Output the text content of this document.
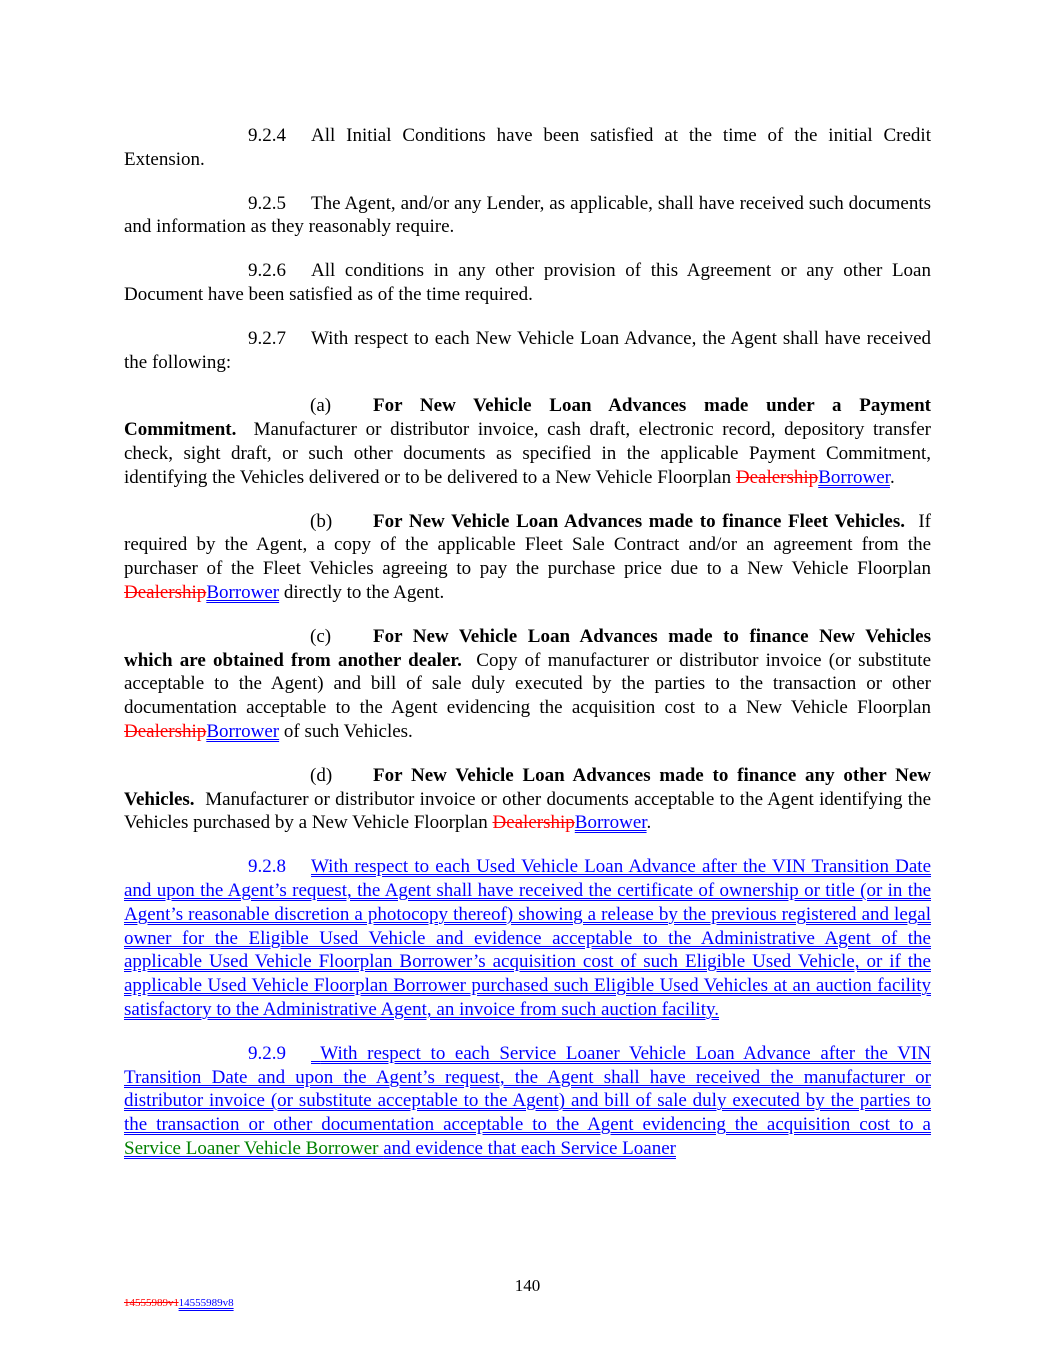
9.2.4 All Initial Conditions have been satisfied at the time of the initial Credit Extension.

9.2.5 The Agent, and/or any Lender, as applicable, shall have received such documents and information as they reasonably require.

9.2.6 All conditions in any other provision of this Agreement or any other Loan Document have been satisfied as of the time required.

9.2.7 With respect to each New Vehicle Loan Advance, the Agent shall have received the following:

(a) For New Vehicle Loan Advances made under a Payment Commitment. Manufacturer or distributor invoice, cash draft, electronic record, depository transfer check, sight draft, or such other documents as specified in the applicable Payment Commitment, identifying the Vehicles delivered or to be delivered to a New Vehicle Floorplan DealershipBorrower.

(b) For New Vehicle Loan Advances made to finance Fleet Vehicles. If required by the Agent, a copy of the applicable Fleet Sale Contract and/or an agreement from the purchaser of the Fleet Vehicles agreeing to pay the purchase price due to a New Vehicle Floorplan DealershipBorrower directly to the Agent.

(c) For New Vehicle Loan Advances made to finance New Vehicles which are obtained from another dealer. Copy of manufacturer or distributor invoice (or substitute acceptable to the Agent) and bill of sale duly executed by the parties to the transaction or other documentation acceptable to the Agent evidencing the acquisition cost to a New Vehicle Floorplan DealershipBorrower of such Vehicles.

(d) For New Vehicle Loan Advances made to finance any other New Vehicles. Manufacturer or distributor invoice or other documents acceptable to the Agent identifying the Vehicles purchased by a New Vehicle Floorplan DealershipBorrower.

9.2.8 With respect to each Used Vehicle Loan Advance after the VIN Transition Date and upon the Agent’s request, the Agent shall have received the certificate of ownership or title (or in the Agent’s reasonable discretion a photocopy thereof) showing a release by the previous registered and legal owner for the Eligible Used Vehicle and evidence acceptable to the Administrative Agent of the applicable Used Vehicle Floorplan Borrower’s acquisition cost of such Eligible Used Vehicle, or if the applicable Used Vehicle Floorplan Borrower purchased such Eligible Used Vehicles at an auction facility satisfactory to the Administrative Agent, an invoice from such auction facility.

9.2.9 With respect to each Service Loaner Vehicle Loan Advance after the VIN Transition Date and upon the Agent’s request, the Agent shall have received the manufacturer or distributor invoice (or substitute acceptable to the Agent) and bill of sale duly executed by the parties to the transaction or other documentation acceptable to the Agent evidencing the acquisition cost to a Service Loaner Vehicle Borrower and evidence that each Service Loaner

140
14555989v114555989v8
